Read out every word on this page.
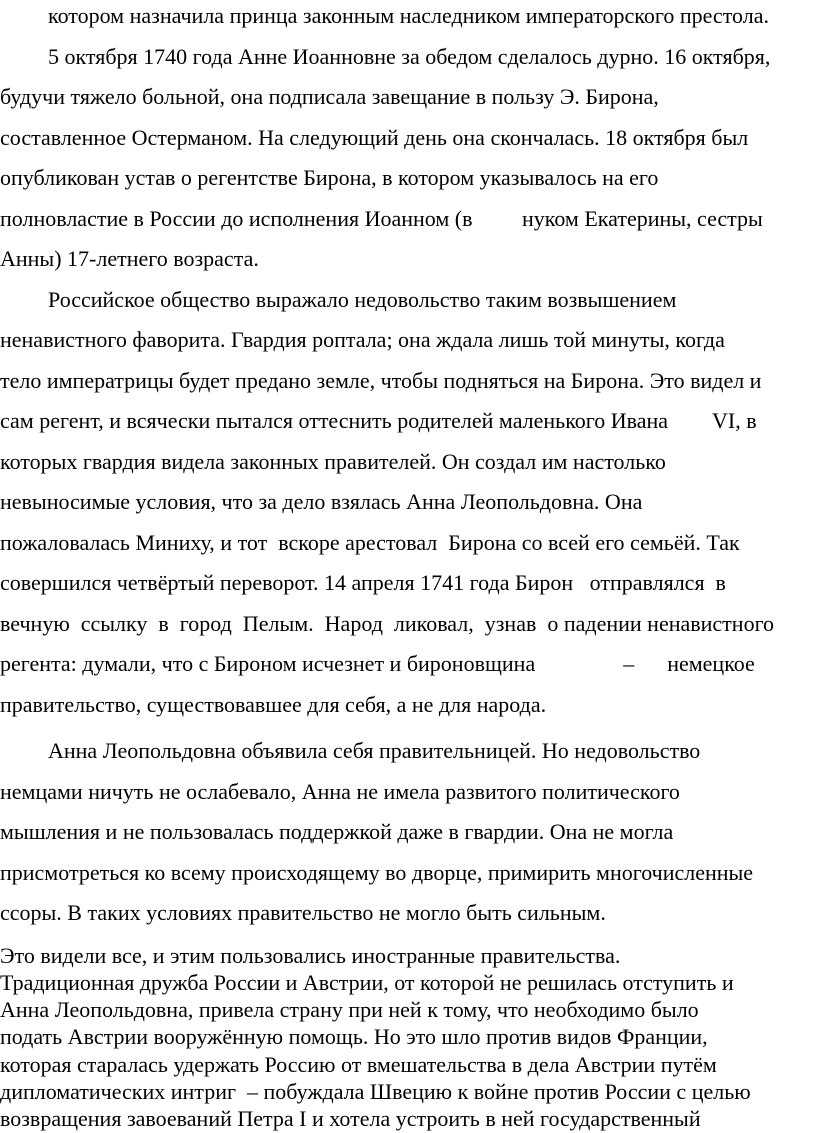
котором назначила принца законным наследником императорского престола.
5 октября 1740 года Анне Иоанновне за обедом сделалось дурно. 16 октября,
будучи тяжело больной, она подписала завещание в пользу Э. Бирона,
составленное Остерманом. На следующий день она скончалась. 18 октября был
опубликован устав о регентстве Бирона, в котором указывалось на его
полновластие в России до исполнения Иоанном (в         нуком Екатерины, сестры
Анны) 17-летнего возраста.
Российское общество выражало недовольство таким возвышением
ненавистного фаворита. Гвардия роптала; она ждала лишь той минуты, когда
тело императрицы будет предано земле, чтобы подняться на Бирона. Это видел и
сам регент, и всячески пытался оттеснить родителей маленького Ивана        VI, в
которых гвардия видела законных правителей. Он создал им настолько
невыносимые условия, что за дело взялась Анна Леопольдовна. Она
пожаловалась Миниху, и тот  вскоре арестовал  Бирона со всей его семьёй. Так
совершился четвёртый переворот. 14 апреля 1741 года Бирон   отправлялся  в
вечную  ссылку  в  город  Пелым.  Народ  ликовал,  узнав  о падении ненавистного
регента: думали, что с Бироном исчезнет и бироновщина                –      немецкое
правительство, существовавшее для себя, а не для народа.
Анна Леопольдовна объявила себя правительницей. Но недовольство
немцами ничуть не ослабевало, Анна не имела развитого политического
мышления и не пользовалась поддержкой даже в гвардии. Она не могла
присмотреться ко всему происходящему во дворце, примирить многочисленные
ссоры. В таких условиях правительство не могло быть сильным.
Это видели все, и этим пользовались иностранные правительства.
Традиционная дружба России и Австрии, от которой не решилась отступить и
Анна Леопольдовна, привела страну при ней к тому, что необходимо было
подать Австрии вооружённую помощь. Но это шло против видов Франции,
которая старалась удержать Россию от вмешательства в дела Австрии путём
дипломатических интриг  – побуждала Швецию к войне против России с целью
возвращения завоеваний Петра I и хотела устроить в ней государственный
